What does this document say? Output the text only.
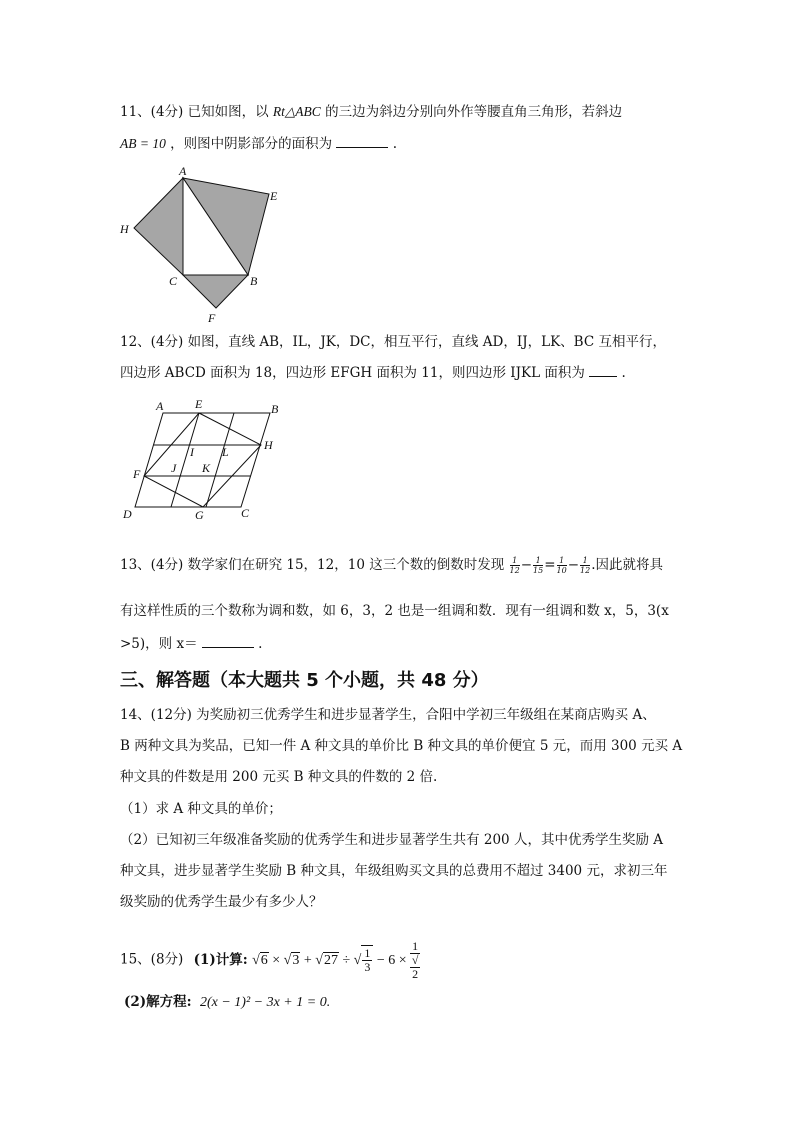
11、(4分) 已知如图，以 Rt△ABC 的三边为斜边分别向外作等腰直角三角形，若斜边
AB = 10 ，则图中阴影部分的面积为	.
A
E
H
C	B
F
12、(4分) 如图，直线 AB，IL，JK，DC，相互平行，直线 AD，IJ，LK、BC 互相平行，
四边形 ABCD 面积为 18，四边形 EFGH 面积为 11，则四边形 IJKL 面积为	.
A	E	B
H
I L
J K
F
D	G	C
13、(4分) 数学家们在研究 15，12，10 这三个数的倒数时发现 $\frac{1}{12} - \frac{1}{15} = \frac{1}{10} - \frac{1}{12}$ .因此就将具
有这样性质的三个数称为调和数，如 6，3，2 也是一组调和数．现有一组调和数 x，5，3(x
>5)，则 x＝	.
三、解答题（本大题共 5 个小题，共 48 分）
14、(12分) 为奖励初三优秀学生和进步显著学生，合阳中学初三年级组在某商店购买 A、
B 两种文具为奖品，已知一件 A 种文具的单价比 B 种文具的单价便宜 5 元，而用 300 元买 A
种文具的件数是用 200 元买 B 种文具的件数的 2 倍.
（1）求 A 种文具的单价；
（2）已知初三年级准备奖励的优秀学生和进步显著学生共有 200 人，其中优秀学生奖励 A
种文具，进步显著学生奖励 B 种文具，年级组购买文具的总费用不超过 3400 元，求初三年
级奖励的优秀学生最少有多少人？
15、(8分) (1)计算: √6 × √3 + √27 ÷ √ $\frac{1}{3} - 6 \times 1$
√
2
(2)解方程: 2(x − 1)² − 3x + 1 = 0.
